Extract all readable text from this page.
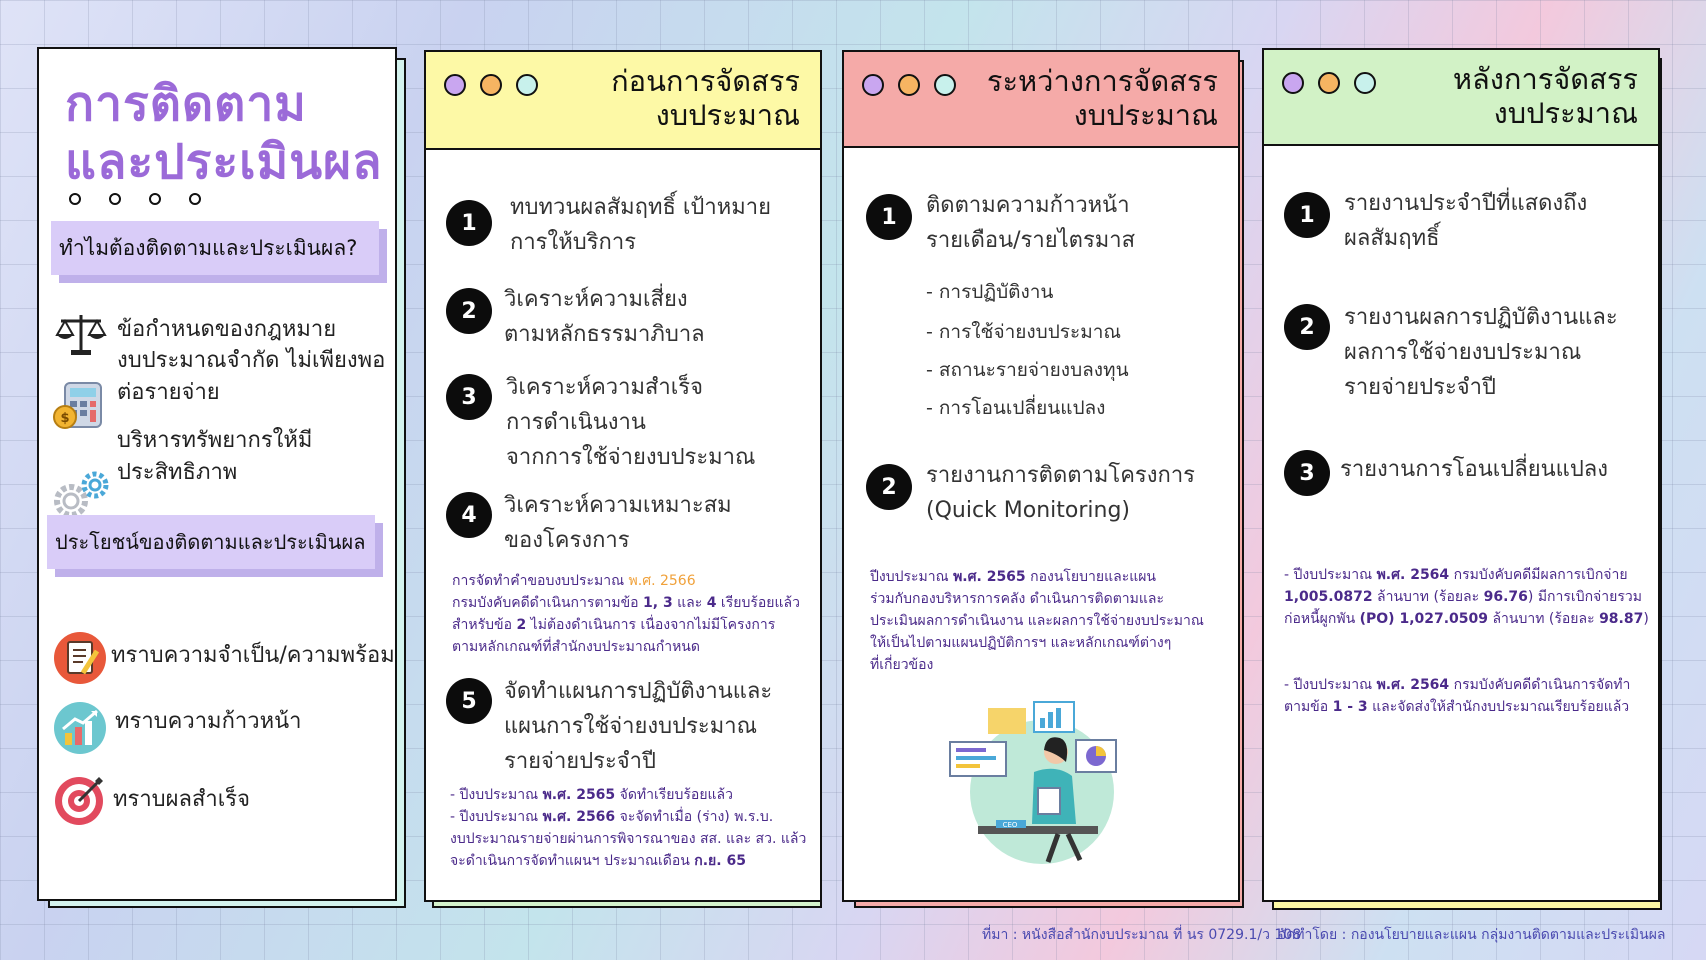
การติดตาม
และประเมินผล
ทำไมต้องติดตามและประเมินผล?
ข้อกำหนดของกฎหมาย
$
งบประมาณจำกัด ไม่เพียงพอ
ต่อรายจ่าย
บริหารทรัพยากรให้มี
ประสิทธิภาพ
ประโยชน์ของติดตามและประเมินผล
ทราบความจำเป็น/ความพร้อม
ทราบความก้าวหน้า
ทราบผลสำเร็จ
ก่อนการจัดสรร
งบประมาณ
1
ทบทวนผลสัมฤทธิ์ เป้าหมาย
การให้บริการ
2	วิเคราะห์ความเสี่ยง
ตามหลักธรรมาภิบาล
3	วิเคราะห์ความสำเร็จ
การดำเนินงาน
จากการใช้จ่ายงบประมาณ
4	วิเคราะห์ความเหมาะสม
ของโครงการ
การจัดทำคำขอบงบประมาณ พ.ศ. 2566
กรมบังคับคดีดำเนินการตามข้อ 1, 3 และ 4 เรียบร้อยแล้ว
สำหรับข้อ 2 ไม่ต้องดำเนินการ เนื่องจากไม่มีโครงการ
ตามหลักเกณฑ์ที่สำนักงบประมาณกำหนด
5	จัดทำแผนการปฏิบัติงานและ
แผนการใช้จ่ายงบประมาณ
รายจ่ายประจำปี
- ปีงบประมาณ พ.ศ. 2565 จัดทำเรียบร้อยแล้ว
- ปีงบประมาณ พ.ศ. 2566 จะจัดทำเมื่อ (ร่าง) พ.ร.บ.
งบประมาณรายจ่ายผ่านการพิจารณาของ สส. และ สว. แล้ว
จะดำเนินการจัดทำแผนฯ ประมาณเดือน ก.ย. 65
ระหว่างการจัดสรร
งบประมาณ
1	ติดตามความก้าวหน้า
รายเดือน/รายไตรมาส
- การปฏิบัติงาน
- การใช้จ่ายงบประมาณ
- สถานะรายจ่ายงบลงทุน
- การโอนเปลี่ยนแปลง
2	รายงานการติดตามโครงการ
(Quick Monitoring)
ปีงบประมาณ พ.ศ. 2565 กองนโยบายและแผน
ร่วมกับกองบริหารการคลัง ดำเนินการติดตามและ
ประเมินผลการดำเนินงาน และผลการใช้จ่ายงบประมาณ
ให้เป็นไปตามแผนปฏิบัติการฯ และหลักเกณฑ์ต่างๆ
ที่เกี่ยวข้อง
CEO
หลังการจัดสรร
งบประมาณ
1	รายงานประจำปีที่แสดงถึง
ผลสัมฤทธิ์
2	รายงานผลการปฏิบัติงานและ
ผลการใช้จ่ายงบประมาณ
รายจ่ายประจำปี
3	รายงานการโอนเปลี่ยนแปลง
- ปีงบประมาณ พ.ศ. 2564 กรมบังคับคดีมีผลการเบิกจ่าย
1,005.0872 ล้านบาท (ร้อยละ 96.76) มีการเบิกจ่ายรวม
ก่อหนี้ผูกพัน (PO) 1,027.0509 ล้านบาท (ร้อยละ 98.87)
- ปีงบประมาณ พ.ศ. 2564 กรมบังคับคดีดำเนินการจัดทำ
ตามข้อ 1 - 3 และจัดส่งให้สำนักงบประมาณเรียบร้อยแล้ว
ที่มา : หนังสือสำนักงบประมาณ ที่ นร 0729.1/ว 108
จัดทำโดย : กองนโยบายและแผน กลุ่มงานติดตามและประเมินผล
